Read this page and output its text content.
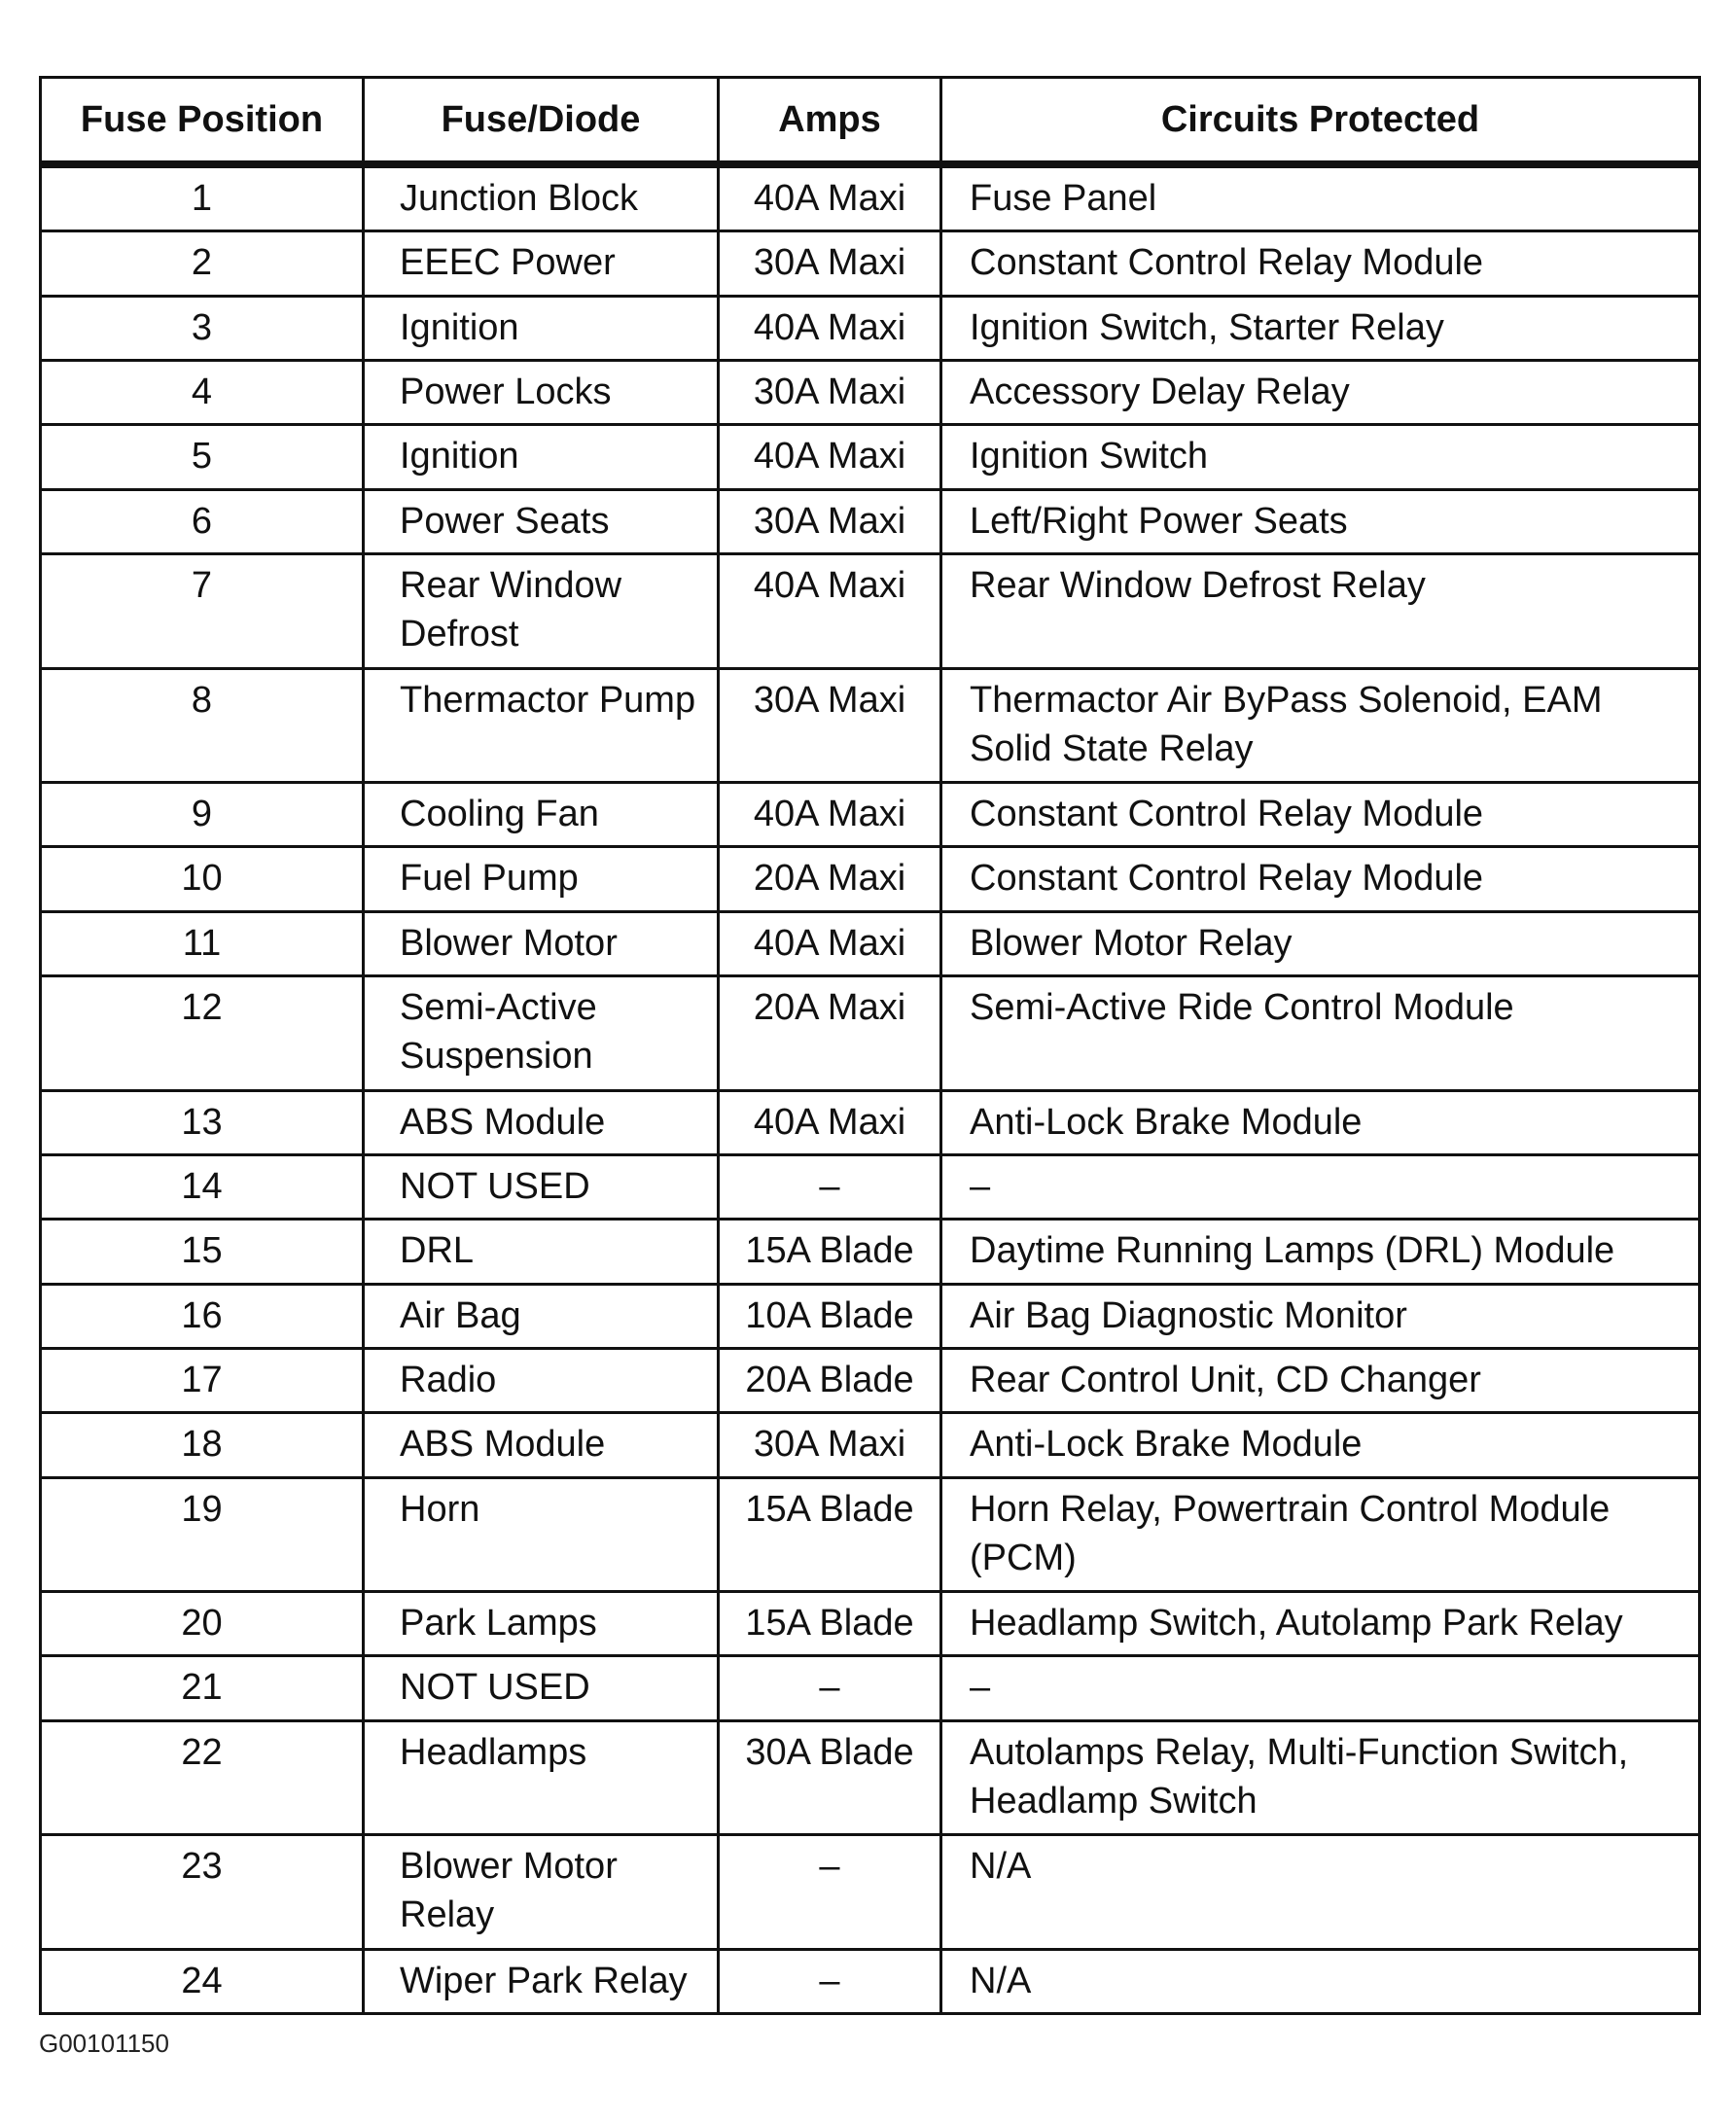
Fuse Position	Fuse/Diode	Amps	Circuits Protected
1	Junction Block	40A Maxi	Fuse Panel
2	EEEC Power	30A Maxi	Constant Control Relay Module
3	Ignition	40A Maxi	Ignition Switch, Starter Relay
4	Power Locks	30A Maxi	Accessory Delay Relay
5	Ignition	40A Maxi	Ignition Switch
6	Power Seats	30A Maxi	Left/Right Power Seats
7	Rear Window Defrost	40A Maxi	Rear Window Defrost Relay
8	Thermactor Pump	30A Maxi	Thermactor Air ByPass Solenoid, EAM Solid State Relay
9	Cooling Fan	40A Maxi	Constant Control Relay Module
10	Fuel Pump	20A Maxi	Constant Control Relay Module
11	Blower Motor	40A Maxi	Blower Motor Relay
12	Semi-Active Suspension	20A Maxi	Semi-Active Ride Control Module
13	ABS Module	40A Maxi	Anti-Lock Brake Module
14	NOT USED	–	–
15	DRL	15A Blade	Daytime Running Lamps (DRL) Module
16	Air Bag	10A Blade	Air Bag Diagnostic Monitor
17	Radio	20A Blade	Rear Control Unit, CD Changer
18	ABS Module	30A Maxi	Anti-Lock Brake Module
19	Horn	15A Blade	Horn Relay, Powertrain Control Module (PCM)
20	Park Lamps	15A Blade	Headlamp Switch, Autolamp Park Relay
21	NOT USED	–	–
22	Headlamps	30A Blade	Autolamps Relay, Multi-Function Switch, Headlamp Switch
23	Blower Motor Relay	–	N/A
24	Wiper Park Relay	–	N/A
G00101150
